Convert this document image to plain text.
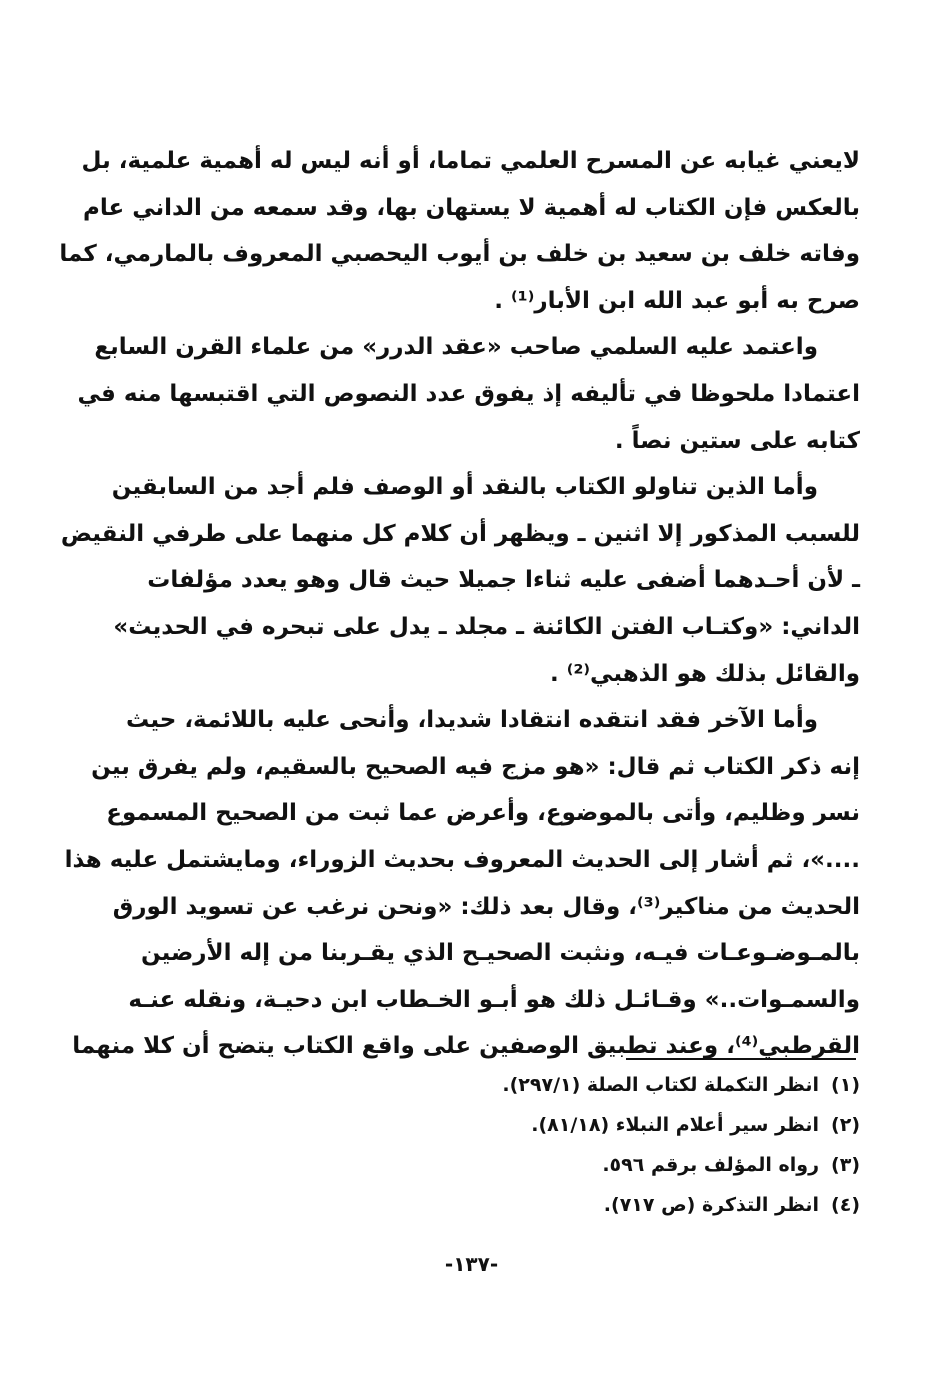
لايعني غيابه عن المسرح العلمي تماما، أو أنه ليس له أهمية علمية، بل
بالعكس فإن الكتاب له أهمية لا يستهان بها، وقد سمعه من الداني عام
وفاته خلف بن سعيد بن خلف بن أيوب اليحصبي المعروف بالمارمي، كما
صرح به أبو عبد الله ابن الأبار⁽¹⁾ .
واعتمد عليه السلمي صاحب «عقد الدرر» من علماء القرن السابع
اعتمادا ملحوظا في تأليفه إذ يفوق عدد النصوص التي اقتبسها منه في
كتابه على ستين نصاً .
وأما الذين تناولو الكتاب بالنقد أو الوصف فلم أجد من السابقين
للسبب المذكور إلا اثنين ـ ويظهر أن كلام كل منهما على طرفي النقيض
ـ لأن أحـدهما أضفى عليه ثناءا جميلا حيث قال وهو يعدد مؤلفات
الداني: «وكتـاب الفتن الكائنة ـ مجلد ـ يدل على تبحره في الحديث»
والقائل بذلك هو الذهبي⁽²⁾ .
وأما الآخر فقد انتقده انتقادا شديدا، وأنحى عليه باللائمة، حيث
إنه ذكر الكتاب ثم قال: «هو مزج فيه الصحيح بالسقيم، ولم يفرق بين
نسر وظليم، وأتى بالموضوع، وأعرض عما ثبت من الصحيح المسموع
....»، ثم أشار إلى الحديث المعروف بحديث الزوراء، ومايشتمل عليه هذا
الحديث من مناكير⁽³⁾، وقال بعد ذلك: «ونحن نرغب عن تسويد الورق
بالمـوضـوعـات فيـه، ونثبت الصحيـح الذي يقـربنا من إله الأرضين
والسمـوات..» وقـائـل ذلك هو أبـو الخـطاب ابن دحيـة، ونقله عنـه
القرطبي⁽⁴⁾، وعند تطبيق الوصفين على واقع الكتاب يتضح أن كلا منهما
(١)انظر التكملة لكتاب الصلة (٢٩٧/١).
(٢)انظر سير أعلام النبلاء (٨١/١٨).
(٣)رواه المؤلف برقم ٥٩٦.
(٤)انظر التذكرة (ص ٧١٧).
-١٣٧-
